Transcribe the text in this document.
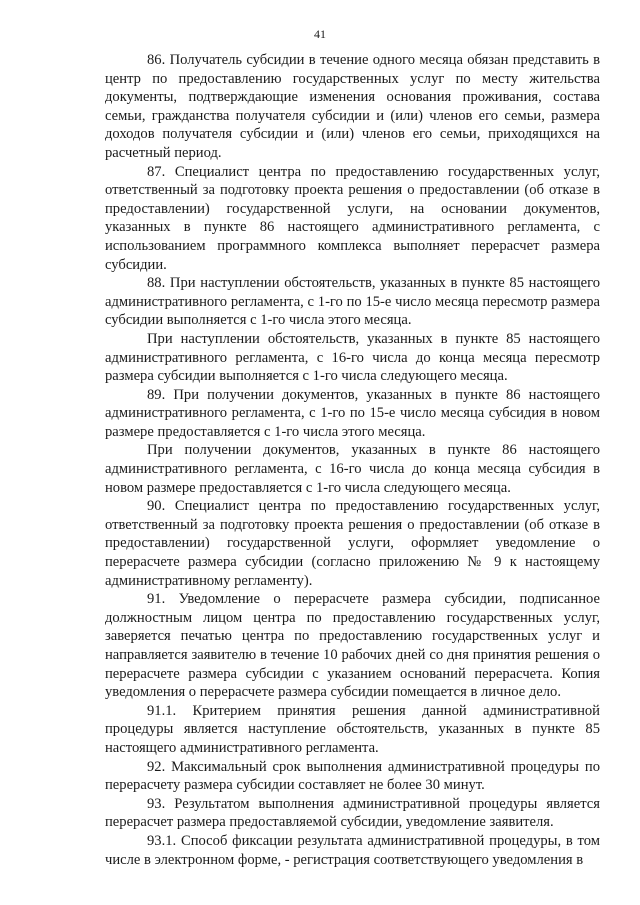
41

86. Получатель субсидии в течение одного месяца обязан представить в центр по предоставлению государственных услуг по месту жительства документы, подтверждающие изменения основания проживания, состава семьи, гражданства получателя субсидии и (или) членов его семьи, размера доходов получателя субсидии и (или) членов его семьи, приходящихся на расчетный период.

87. Специалист центра по предоставлению государственных услуг, ответственный за подготовку проекта решения о предоставлении (об отказе в предоставлении) государственной услуги, на основании документов, указанных в пункте 86 настоящего административного регламента, с использованием программного комплекса выполняет перерасчет размера субсидии.

88. При наступлении обстоятельств, указанных в пункте 85 настоящего административного регламента, с 1-го по 15-е число месяца пересмотр размера субсидии выполняется с 1-го числа этого месяца.

При наступлении обстоятельств, указанных в пункте 85 настоящего административного регламента, с 16-го числа до конца месяца пересмотр размера субсидии выполняется с 1-го числа следующего месяца.

89. При получении документов, указанных в пункте 86 настоящего административного регламента, с 1-го по 15-е число месяца субсидия в новом размере предоставляется с 1-го числа этого месяца.

При получении документов, указанных в пункте 86 настоящего административного регламента, с 16-го числа до конца месяца субсидия в новом размере предоставляется с 1-го числа следующего месяца.

90. Специалист центра по предоставлению государственных услуг, ответственный за подготовку проекта решения о предоставлении (об отказе в предоставлении) государственной услуги, оформляет уведомление о перерасчете размера субсидии (согласно приложению № 9 к настоящему административному регламенту).

91. Уведомление о перерасчете размера субсидии, подписанное должностным лицом центра по предоставлению государственных услуг, заверяется печатью центра по предоставлению государственных услуг и направляется заявителю в течение 10 рабочих дней со дня принятия решения о перерасчете размера субсидии с указанием оснований перерасчета. Копия уведомления о перерасчете размера субсидии помещается в личное дело.

91.1. Критерием принятия решения данной административной процедуры является наступление обстоятельств, указанных в пункте 85 настоящего административного регламента.

92. Максимальный срок выполнения административной процедуры по перерасчету размера субсидии составляет не более 30 минут.

93. Результатом выполнения административной процедуры является перерасчет размера предоставляемой субсидии, уведомление заявителя.

93.1. Способ фиксации результата административной процедуры, в том числе в электронном форме, - регистрация соответствующего уведомления в
